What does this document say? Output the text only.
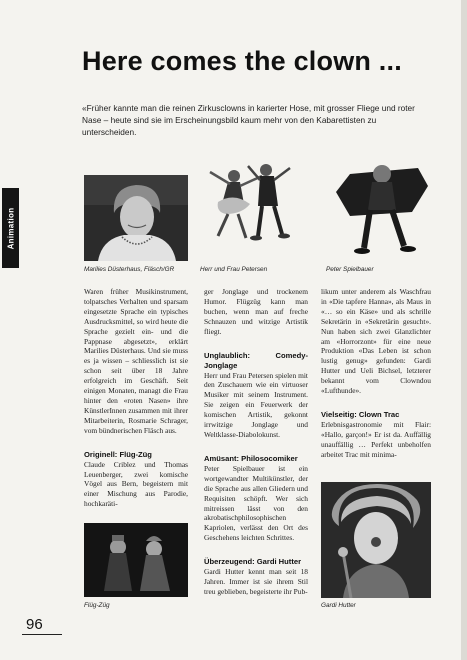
Here comes the clown ...

«Früher kannte man die reinen Zirkusclowns in karierter Hose, mit grosser Fliege und roter Nase – heute sind sie im Erscheinungsbild kaum mehr von den Kabarettisten zu unterscheiden.

Animation
Marilies Düsterhaus, Fläsch/GR	Herr und Frau Petersen	Peter Spielbauer

Waren früher Musikinstrument, tolpatsches Verhalten und sparsam eingesetzte Sprache ein typisches Ausdrucksmittel, so wird heute die Sprache gezielt ein- und die Pappnase abgesetzt», erklärt Marilies Düsterhaus. Und sie muss es ja wissen – schliesslich ist sie schon seit über 18 Jahre erfolgreich im Geschäft. Seit einigen Monaten, managt die Frau hinter den «roten Nasen» ihre KünstlerInnen zusammen mit ihrer Mitarbeiterin, Rosmarie Schrager, vom bündnerischen Fläsch aus.

Originell: Flüg-Züg

Claude Criblez und Thomas Leuenberger, zwei komische Vögel aus Bern, begeistern mit einer Mischung aus Parodie, hochkaräti-

Flüg-Züg

ger Jonglage und trockenem Humor. Flügzüg kann man buchen, wenn man auf freche Schnauzen und witzige Artistik fliegt.

Unglaublich: Comedy-Jonglage

Herr und Frau Petersen spielen mit den Zuschauern wie ein virtuoser Musiker mit seinem Instrument. Sie zeigen ein Feuerwerk der komischen Artistik, gekonnt irrwitzige Jonglage und Weltklasse-Diabolokunst.

Amüsant: Philosocomiker

Peter Spielbauer ist ein wortgewandter Multikünstler, der die Sprache aus allen Gliedern und Requisiten schöpft. Wer sich mitreissen lässt von den akrobatischphilosophischen Kapriolen, verlässt den Ort des Geschehens leichten Schrittes.

Überzeugend: Gardi Hutter

Gardi Hutter kennt man seit 18 Jahren. Immer ist sie ihrem Stil treu geblieben, begeisterte ihr Pub-

likum unter anderem als Waschfrau in «Die tapfere Hanna», als Maus in «… so ein Käse» und als schrille Sekretärin in «Sekretärin gesucht». Nun haben sich zwei Glanzlichter am «Horrorzont» für eine neue Produktion «Das Leben ist schon lustig genug» gefunden: Gardi Hutter und Ueli Bichsel, letzterer bekannt vom Clowndou «Lufthunde».

Vielseitig: Clown Trac

Erlebnisgastronomie mit Flair: «Hallo, garçon!» Er ist da. Auffällig unauffällig … Perfekt unbeholfen arbeitet Trac mit minima-

Gardi Hutter
96
